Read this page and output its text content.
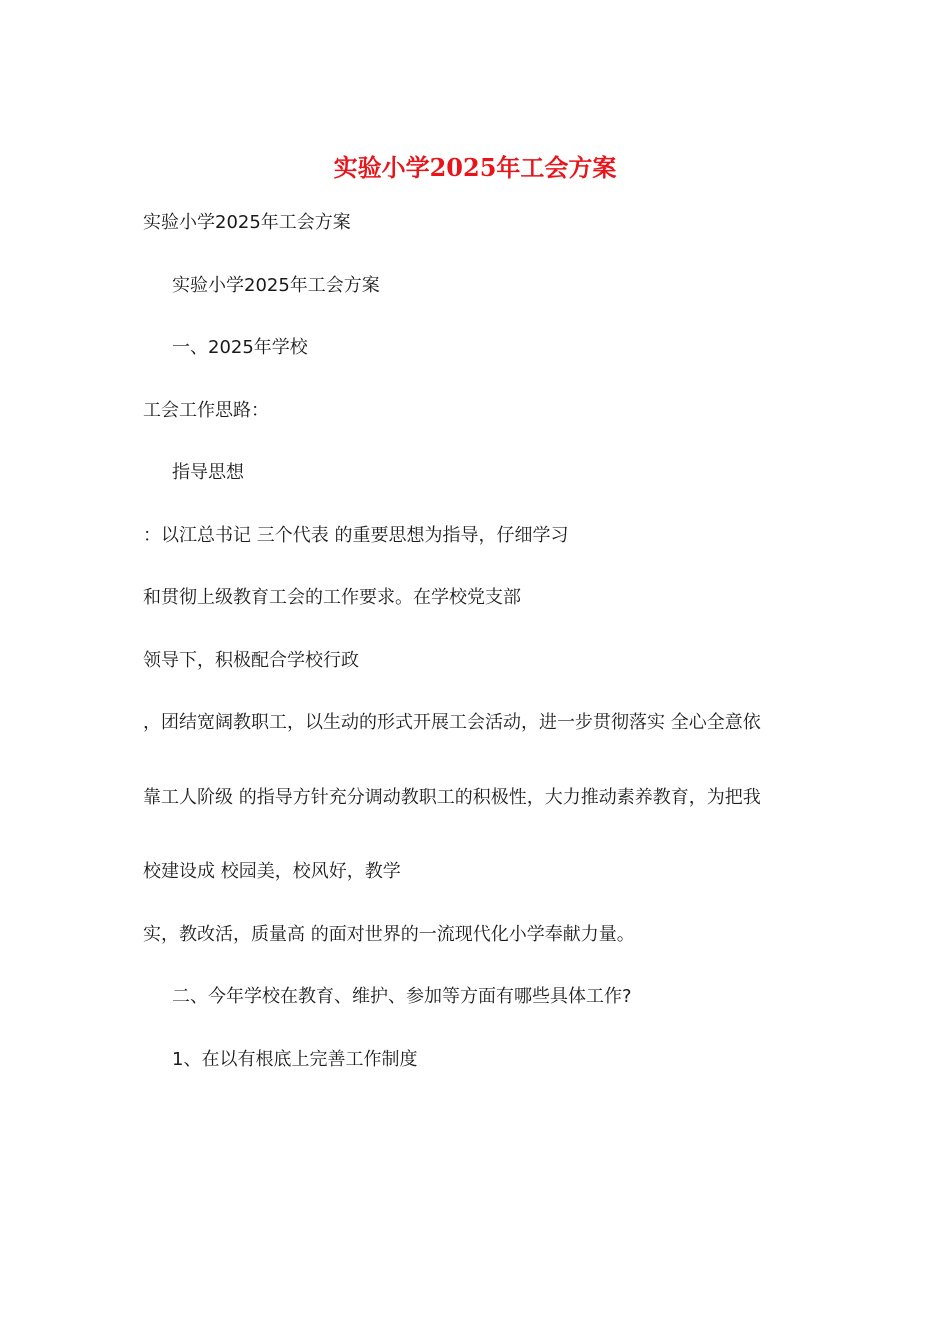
实验小学2025年工会方案
实验小学2025年工会方案
实验小学2025年工会方案
一、2025年学校
工会工作思路：
指导思想
：以江总书记 三个代表 的重要思想为指导，仔细学习
和贯彻上级教育工会的工作要求。在学校党支部
领导下，积极配合学校行政
，团结宽阔教职工，以生动的形式开展工会活动，进一步贯彻落实 全心全意依
靠工人阶级 的指导方针充分调动教职工的积极性，大力推动素养教育，为把我
校建设成 校园美，校风好，教学
实，教改活，质量高 的面对世界的一流现代化小学奉献力量。
二、今年学校在教育、维护、参加等方面有哪些具体工作?
1、在以有根底上完善工作制度
